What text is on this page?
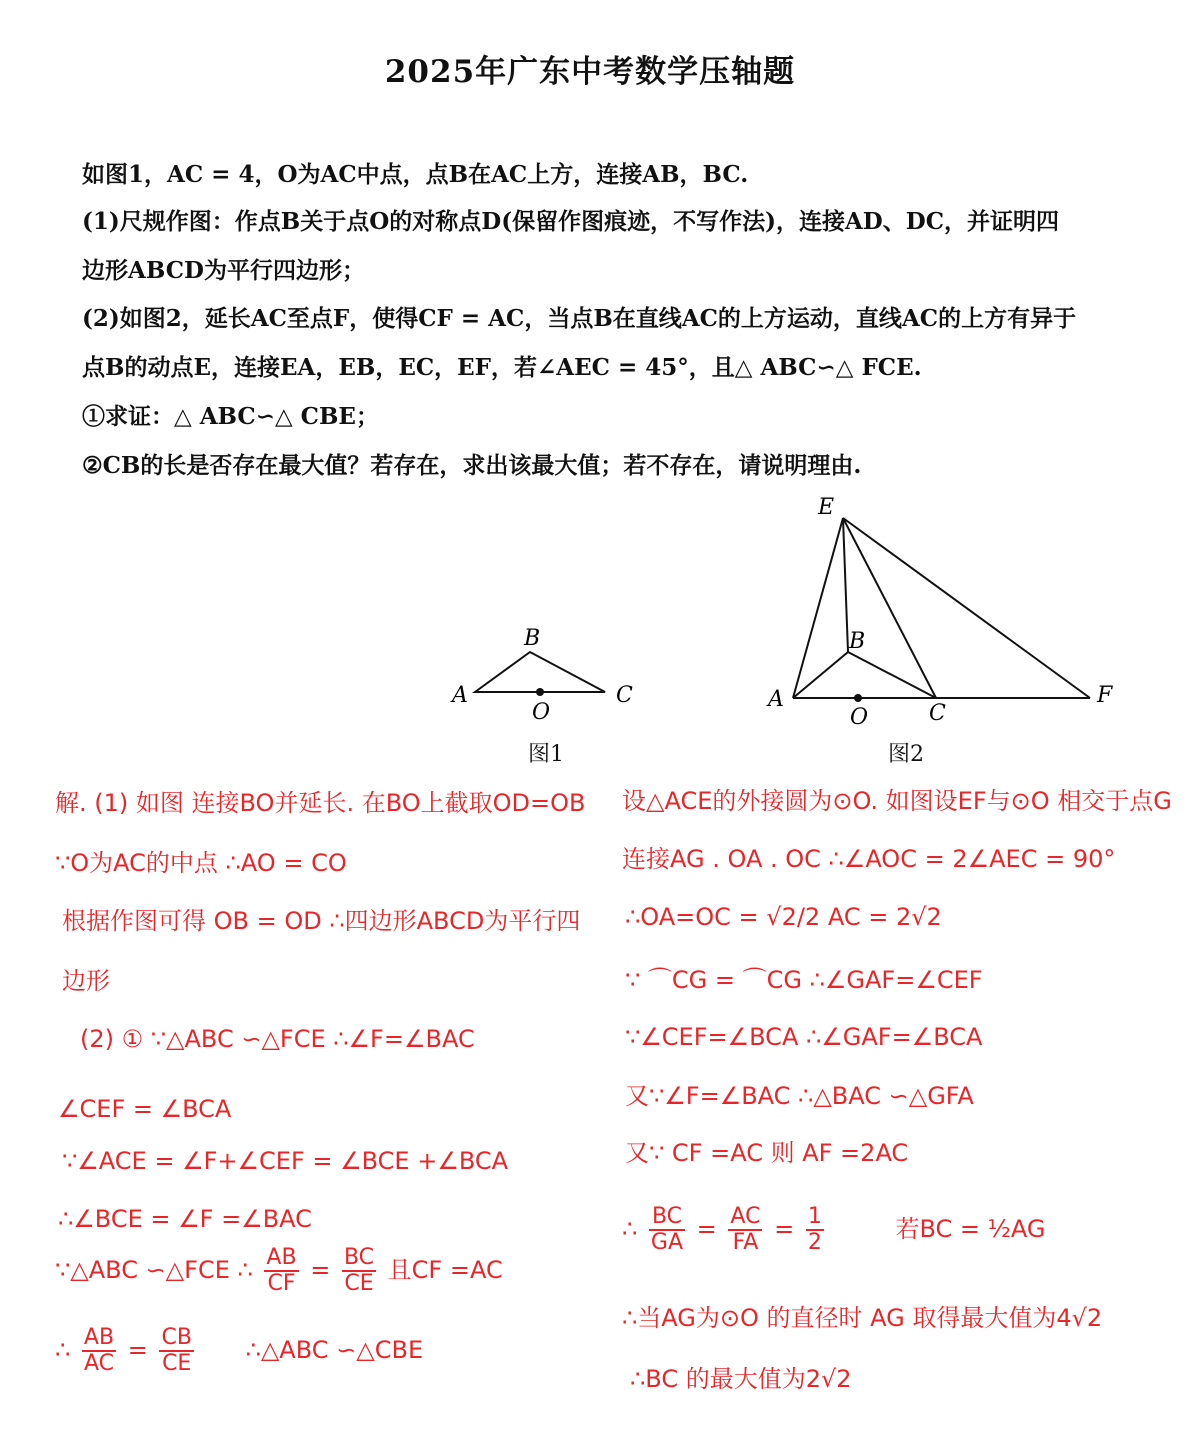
2025年广东中考数学压轴题
如图1，AC = 4，O为AC中点，点B在AC上方，连接AB，BC.
(1)尺规作图：作点B关于点O的对称点D(保留作图痕迹，不写作法)，连接AD、DC，并证明四
边形ABCD为平行四边形；
(2)如图2，延长AC至点F，使得CF = AC，当点B在直线AC的上方运动，直线AC的上方有异于
点B的动点E，连接EA，EB，EC，EF，若∠AEC = 45°，且△ ABC∽△ FCE.
①求证：△ ABC∽△ CBE；
②CB的长是否存在最大值？若存在，求出该最大值；若不存在，请说明理由.
A
B
C
O
图1
E
B
A
O	C
F
图2
解. (1) 如图 连接BO并延长. 在BO上截取OD=OB
∵O为AC的中点 ∴AO = CO
根据作图可得 OB = OD ∴四边形ABCD为平行四
边形
(2) ① ∵△ABC ∽△FCE ∴∠F=∠BAC
∠CEF = ∠BCA
∵∠ACE = ∠F+∠CEF = ∠BCE +∠BCA
∴∠BCE = ∠F =∠BAC
∵△ABC ∽△FCE ∴ $\frac{AB}{CF} = \frac{BC}{CE}$ 且CF =AC
∴ $\frac{AB}{AC} = \frac{CB}{CE}$ ∴△ABC ∽△CBE
设△ACE的外接圆为⊙O. 如图设EF与⊙O 相交于点G
连接AG . OA . OC ∴∠AOC = 2∠AEC = 90°
∴OA=OC = √2/2 AC = 2√2
∵ ⌒CG = ⌒CG ∴∠GAF=∠CEF
∵∠CEF=∠BCA ∴∠GAF=∠BCA
又∵∠F=∠BAC ∴△BAC ∽△GFA
又∵ CF =AC 则 AF =2AC
∴ $\frac{BC}{GA} = \frac{AC}{FA} = \frac{1}{2}$	若BC = ½AG
∴当AG为⊙O 的直径时 AG 取得最大值为4√2
∴BC 的最大值为2√2
